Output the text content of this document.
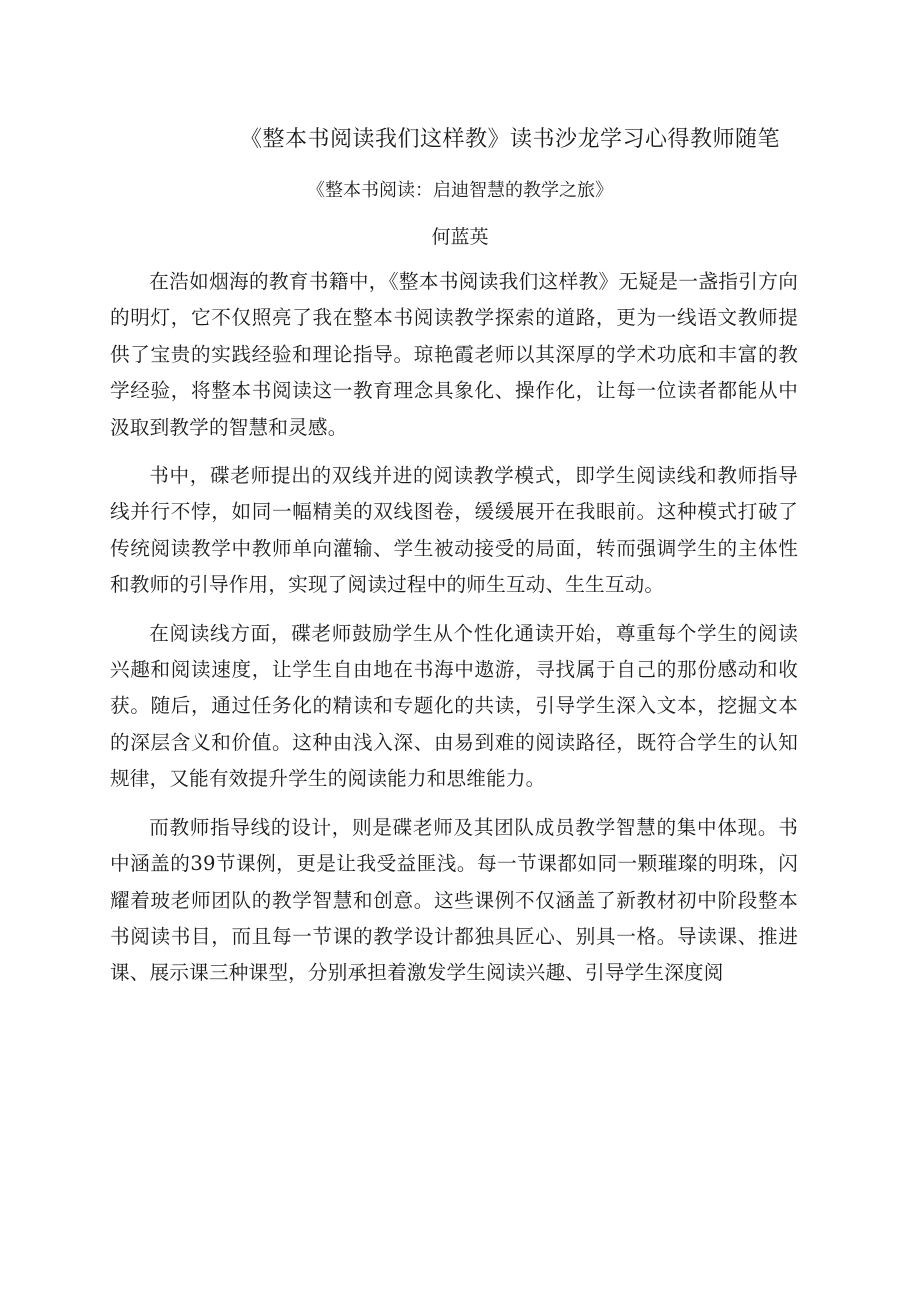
《整本书阅读我们这样教》读书沙龙学习心得教师随笔

《整本书阅读：启迪智慧的教学之旅》

何蓝英

在浩如烟海的教育书籍中，《整本书阅读我们这样教》无疑是一盏指引方向的明灯，它不仅照亮了我在整本书阅读教学探索的道路，更为一线语文教师提供了宝贵的实践经验和理论指导。琼艳霞老师以其深厚的学术功底和丰富的教学经验，将整本书阅读这一教育理念具象化、操作化，让每一位读者都能从中汲取到教学的智慧和灵感。

书中，碟老师提出的双线并进的阅读教学模式，即学生阅读线和教师指导线并行不悖，如同一幅精美的双线图卷，缓缓展开在我眼前。这种模式打破了传统阅读教学中教师单向灌输、学生被动接受的局面，转而强调学生的主体性和教师的引导作用，实现了阅读过程中的师生互动、生生互动。

在阅读线方面，碟老师鼓励学生从个性化通读开始，尊重每个学生的阅读兴趣和阅读速度，让学生自由地在书海中遨游，寻找属于自己的那份感动和收获。随后，通过任务化的精读和专题化的共读，引导学生深入文本，挖掘文本的深层含义和价值。这种由浅入深、由易到难的阅读路径，既符合学生的认知规律，又能有效提升学生的阅读能力和思维能力。

而教师指导线的设计，则是碟老师及其团队成员教学智慧的集中体现。书中涵盖的39节课例，更是让我受益匪浅。每一节课都如同一颗璀璨的明珠，闪耀着玻老师团队的教学智慧和创意。这些课例不仅涵盖了新教材初中阶段整本书阅读书目，而且每一节课的教学设计都独具匠心、别具一格。导读课、推进课、展示课三种课型，分别承担着激发学生阅读兴趣、引导学生深度阅
